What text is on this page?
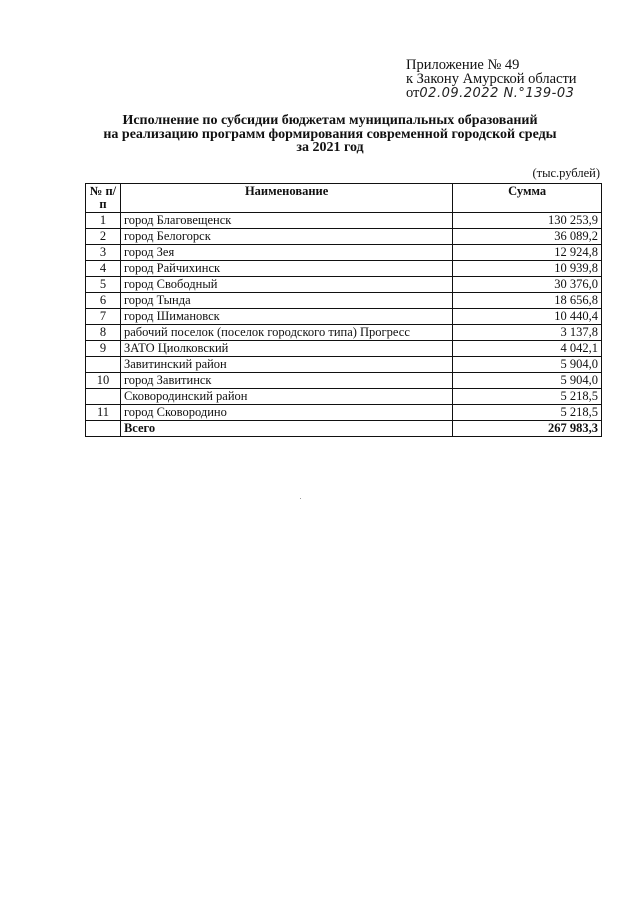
Приложение № 49
к Закону Амурской области
от02.09.2022 N.°139-03
Исполнение по субсидии бюджетам муниципальных образований
на реализацию программ формирования современной городской среды
за 2021 год
(тыс.рублей)
№ п/п	Наименование	Сумма
1	город Благовещенск	130 253,9
2	город Белогорск	36 089,2
3	город Зея	12 924,8
4	город Райчихинск	10 939,8
5	город Свободный	30 376,0
6	город Тында	18 656,8
7	город Шимановск	10 440,4
8	рабочий поселок (поселок городского типа) Прогресс	3 137,8
9	ЗАТО Циолковский	4 042,1
	Завитинский район	5 904,0
10	город Завитинск	5 904,0
	Сковородинский район	5 218,5
11	город Сковородино	5 218,5
	Всего	267 983,3
